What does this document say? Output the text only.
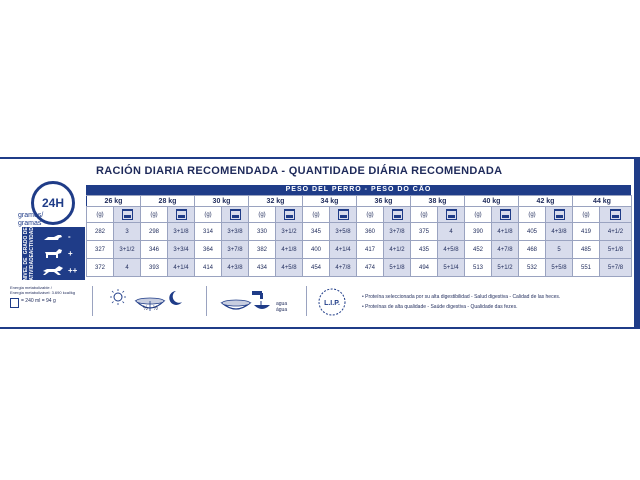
RACIÓN DIARIA RECOMENDADA - QUANTIDADE DIÁRIA RECOMENDADA
24H
gramos/
gramas
GRADO DE ACTIVIDAD
NIVEL DE ATIVIDADE
-
+
++
PESO DEL PERRO - PESO DO CÃO
26 kg		28 kg		30 kg		32 kg		34 kg		36 kg		38 kg		40 kg		42 kg		44 kg	
(g)		(g)		(g)		(g)		(g)		(g)		(g)		(g)		(g)		(g)	
282	3	298	3+1/8	314	3+3/8	330	3+1/2	345	3+5/8	360	3+7/8	375	4	390	4+1/8	405	4+3/8	419	4+1/2
327	3+1/2	346	3+3/4	364	3+7/8	382	4+1/8	400	4+1/4	417	4+1/2	435	4+5/8	452	4+7/8	468	5	485	5+1/8
372	4	393	4+1/4	414	4+3/8	434	4+5/8	454	4+7/8	474	5+1/8	494	5+1/4	513	5+1/2	532	5+5/8	551	5+7/8
Energia metabolizable /
Energia metabolizável: 3.690 kcal/kg
= 240 ml = 94 g
½ ½
agua
água
L.I.P.
• Proteína seleccionada por su alta digestibilidad - Salud digestiva - Calidad de las heces.
• Proteínas de alta qualidade - Saúde digestiva - Qualidade das fezes.
